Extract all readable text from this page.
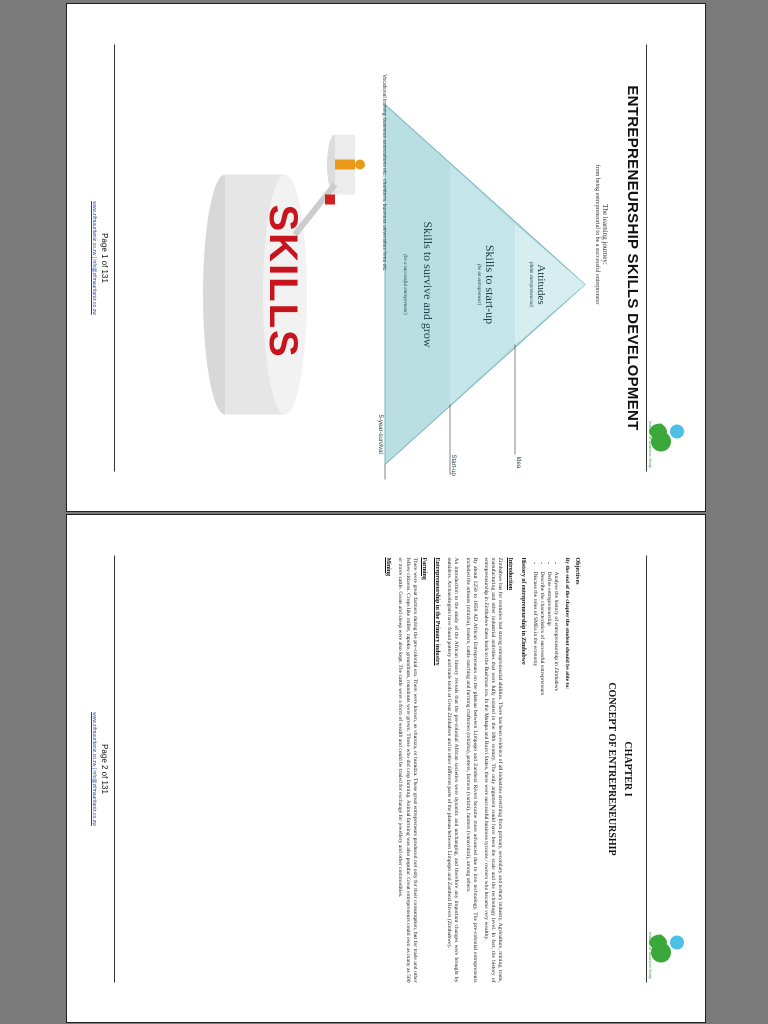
Institute of Business Study
ENTREPRENEURSHIP SKILLS DEVELOPMENT
The learning journey:
from being entrepreneurial to be a successful entrepreneur
Attitudes
(think entrepreneurial)
Skills to start-up
(be an entrepreneur)
Skills to survive and grow
(be a successful entrepreneur)
Idea
Start-up
5-year-survival
Vocational training, business associations etc., chambers, business universities firms etc.
SKILLS
Page 1 of 131
www.zifmauritaniz.co.zw | info@zifmauritaniz.co.zw
Institute of Business Study
CHAPTER I
CONCEPT OF ENTREPRENEURSHIP
Objectives

By the end of the chapter the student should be able to:

• Analyse the history of entrepreneurship in Zimbabwe
• Define entrepreneurship
• Describe the characteristics of successful entrepreneurs
• Discuss the roles of SMEs in the economy
History of entrepreneurship in Zimbabwe
Introduction

Zimbabwe has for centuries had strong entrepreneurial abilities. There has been evidence of all industries stretching from primary, secondary and tertiary industry. Agriculture, mining, trade, manufacturing and other industrial activities that were fully existed in the 18th century. The only argument could have been the scale and the technology level. In fact, the history of entrepreneurship in Zimbabwe dates back to the Bushman era. In the Mutapa and Rozvi States, there were successful business tycoons / owners who became very wealthy.

By about 1250 to 1850 AD African Entrepreneurs on the plateau between Limpopo and Zambezi Rivers became more advanced due to iron technology. The pre-colonial entrepreneurs included the artisans (mhizha), traders, cattle ranching and farming craftsmen (mhizha), potters, farmers (varimi), hunters (vanavhimi), among others.

An introduction to the study of the African history reveals that the pre-colonial African societies were dynamic and unchanging, and therefore any important changes were brought by outsiders. Archaeologists have found pottery and trade tools at Great Zimbabwe and in other different parts of the plateau between Limpopo and Zambezi Rivers (Zimbabwe).

Entrepreneurship in the Primary industry
Farming

There were great farmers during the pre-colonial era. There were known, as vhuroza, or hurudza. These great entrepreneurs produced not only for their consumption, but for trade and other fellow citizens. Crops like millet, rapoko, groundnuts, roundnuts were grown. Those who did crop farming. Animal farming was also popular. Great entrepreneurs could own as many as 500 or more cattle. Goats and sheep were also kept. The cattle were a form of wealth and could be traded for exchange for jewellery and other commodities.

Mining
Page 2 of 131
www.zifmauritaniz.co.zw | info@zifmauritaniz.co.zw
